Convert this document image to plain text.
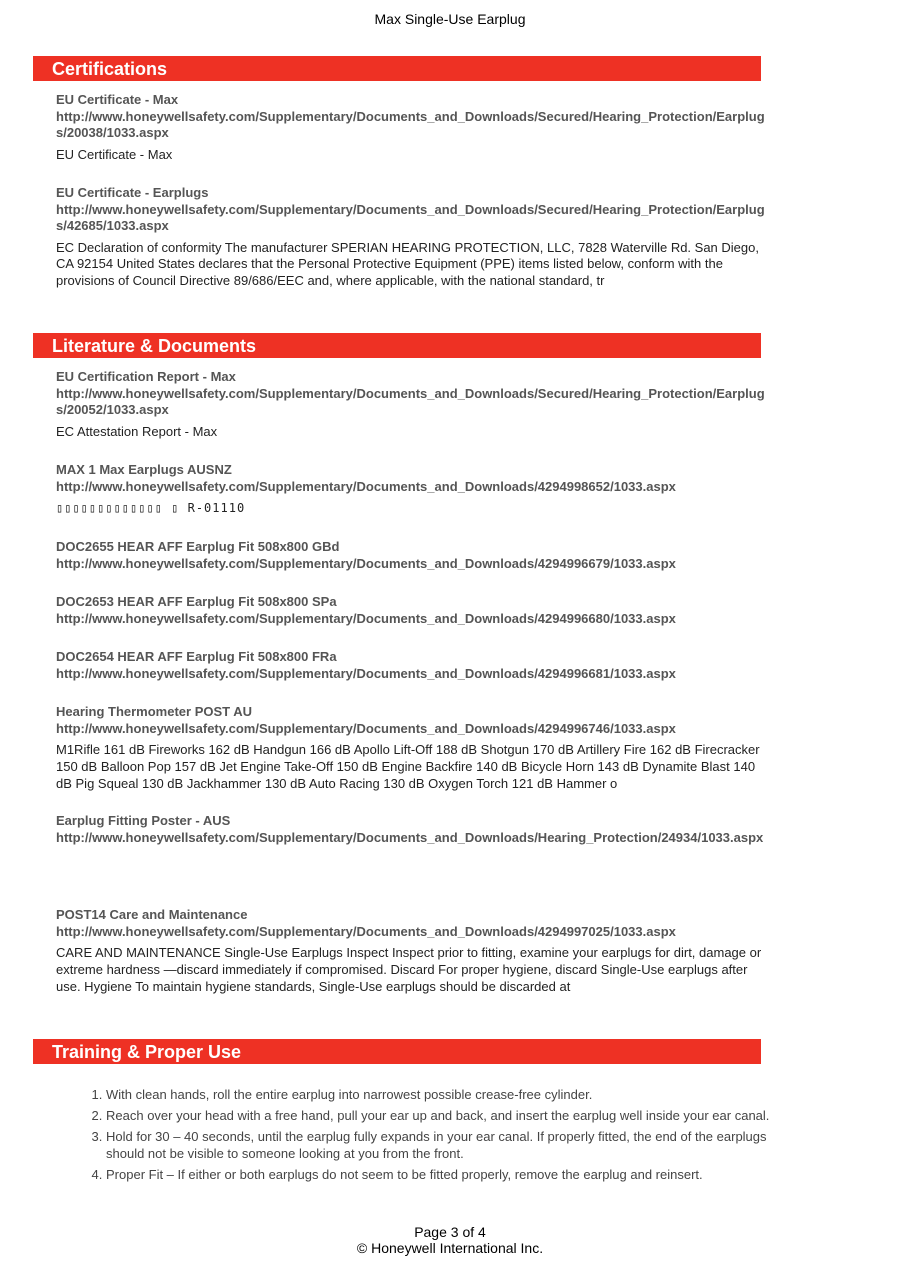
Max Single-Use Earplug
Certifications
EU Certificate - Max
http://www.honeywellsafety.com/Supplementary/Documents_and_Downloads/Secured/Hearing_Protection/Earplugs/20038/1033.aspx
EU Certificate - Max
EU Certificate - Earplugs
http://www.honeywellsafety.com/Supplementary/Documents_and_Downloads/Secured/Hearing_Protection/Earplugs/42685/1033.aspx
EC Declaration of conformity The manufacturer SPERIAN HEARING PROTECTION, LLC, 7828 Waterville Rd. San Diego, CA 92154 United States declares that the Personal Protective Equipment (PPE) items listed below, conform with the provisions of Council Directive 89/686/EEC and, where applicable, with the national standard, tr
Literature & Documents
EU Certification Report - Max
http://www.honeywellsafety.com/Supplementary/Documents_and_Downloads/Secured/Hearing_Protection/Earplugs/20052/1033.aspx
EC Attestation Report - Max
MAX 1 Max Earplugs AUSNZ
http://www.honeywellsafety.com/Supplementary/Documents_and_Downloads/4294998652/1033.aspx
▯▯▯▯▯▯▯▯▯▯▯▯▯ ▯ R-01110
DOC2655 HEAR AFF Earplug Fit 508x800 GBd
http://www.honeywellsafety.com/Supplementary/Documents_and_Downloads/4294996679/1033.aspx
DOC2653 HEAR AFF Earplug Fit 508x800 SPa
http://www.honeywellsafety.com/Supplementary/Documents_and_Downloads/4294996680/1033.aspx
DOC2654 HEAR AFF Earplug Fit 508x800 FRa
http://www.honeywellsafety.com/Supplementary/Documents_and_Downloads/4294996681/1033.aspx
Hearing Thermometer POST AU
http://www.honeywellsafety.com/Supplementary/Documents_and_Downloads/4294996746/1033.aspx
M1Rifle 161 dB Fireworks 162 dB Handgun 166 dB Apollo Lift-Off 188 dB Shotgun 170 dB Artillery Fire 162 dB Firecracker 150 dB Balloon Pop 157 dB Jet Engine Take-Off 150 dB Engine Backfire 140 dB Bicycle Horn 143 dB Dynamite Blast 140 dB Pig Squeal 130 dB Jackhammer 130 dB Auto Racing 130 dB Oxygen Torch 121 dB Hammer o
Earplug Fitting Poster - AUS
http://www.honeywellsafety.com/Supplementary/Documents_and_Downloads/Hearing_Protection/24934/1033.aspx
POST14 Care and Maintenance
http://www.honeywellsafety.com/Supplementary/Documents_and_Downloads/4294997025/1033.aspx
CARE AND MAINTENANCE Single-Use Earplugs Inspect Inspect prior to fitting, examine your earplugs for dirt, damage or extreme hardness —discard immediately if compromised. Discard For proper hygiene, discard Single-Use earplugs after use. Hygiene To maintain hygiene standards, Single-Use earplugs should be discarded at
Training & Proper Use
1. With clean hands, roll the entire earplug into narrowest possible crease-free cylinder.
2. Reach over your head with a free hand, pull your ear up and back, and insert the earplug well inside your ear canal.
3. Hold for 30 – 40 seconds, until the earplug fully expands in your ear canal. If properly fitted, the end of the earplugs should not be visible to someone looking at you from the front.
4. Proper Fit – If either or both earplugs do not seem to be fitted properly, remove the earplug and reinsert.
Page 3 of 4
© Honeywell International Inc.
